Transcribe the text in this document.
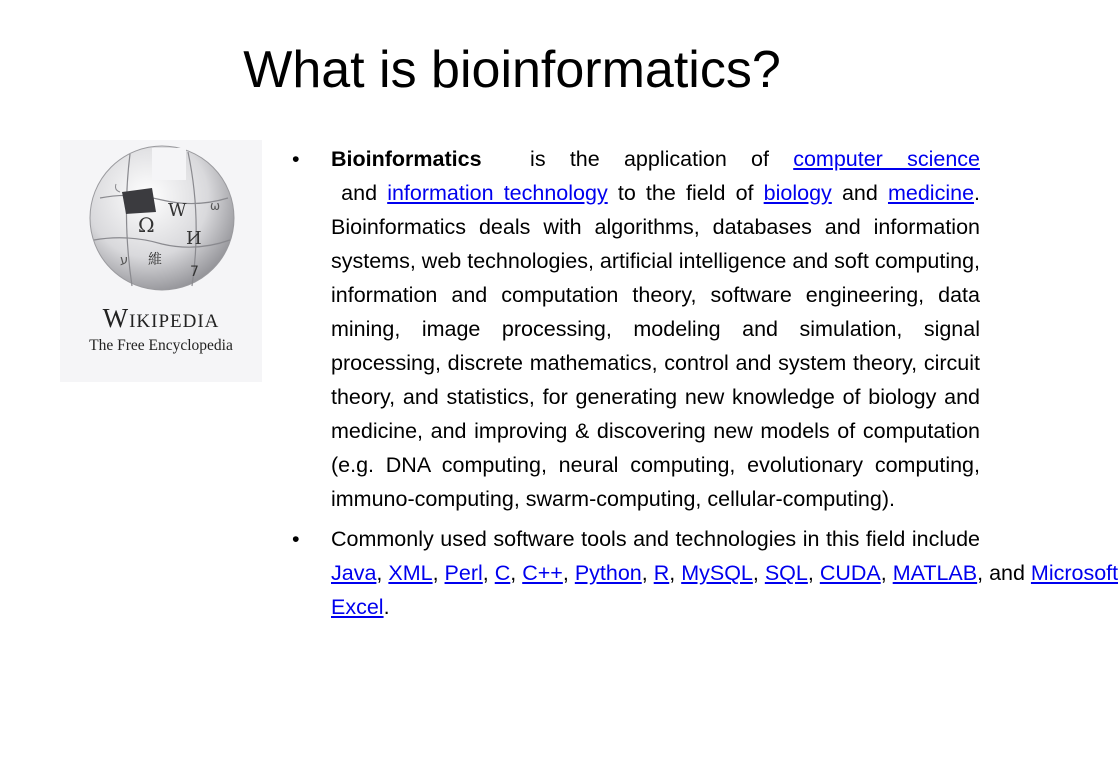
What is bioinformatics?
Ω
W
И
維
7
ע
ω
Wikipedia
The Free Encyclopedia
•	Bioinformatics  is the application of computer science and information technology to the field of biology and medicine. Bioinformatics deals with algorithms, databases and information systems, web technologies, artificial intelligence and soft computing, information and computation theory, software engineering, data mining, image processing, modeling and simulation, signal processing, discrete mathematics, control and system theory, circuit theory, and statistics, for generating new knowledge of biology and medicine, and improving & discovering new models of computation (e.g. DNA computing, neural computing, evolutionary computing, immuno-computing, swarm-computing, cellular-computing).
•	Commonly used software tools and technologies in this field include Java, XML, Perl, C, C++, Python, R, MySQL, SQL, CUDA, MATLAB, and Microsoft Excel.
